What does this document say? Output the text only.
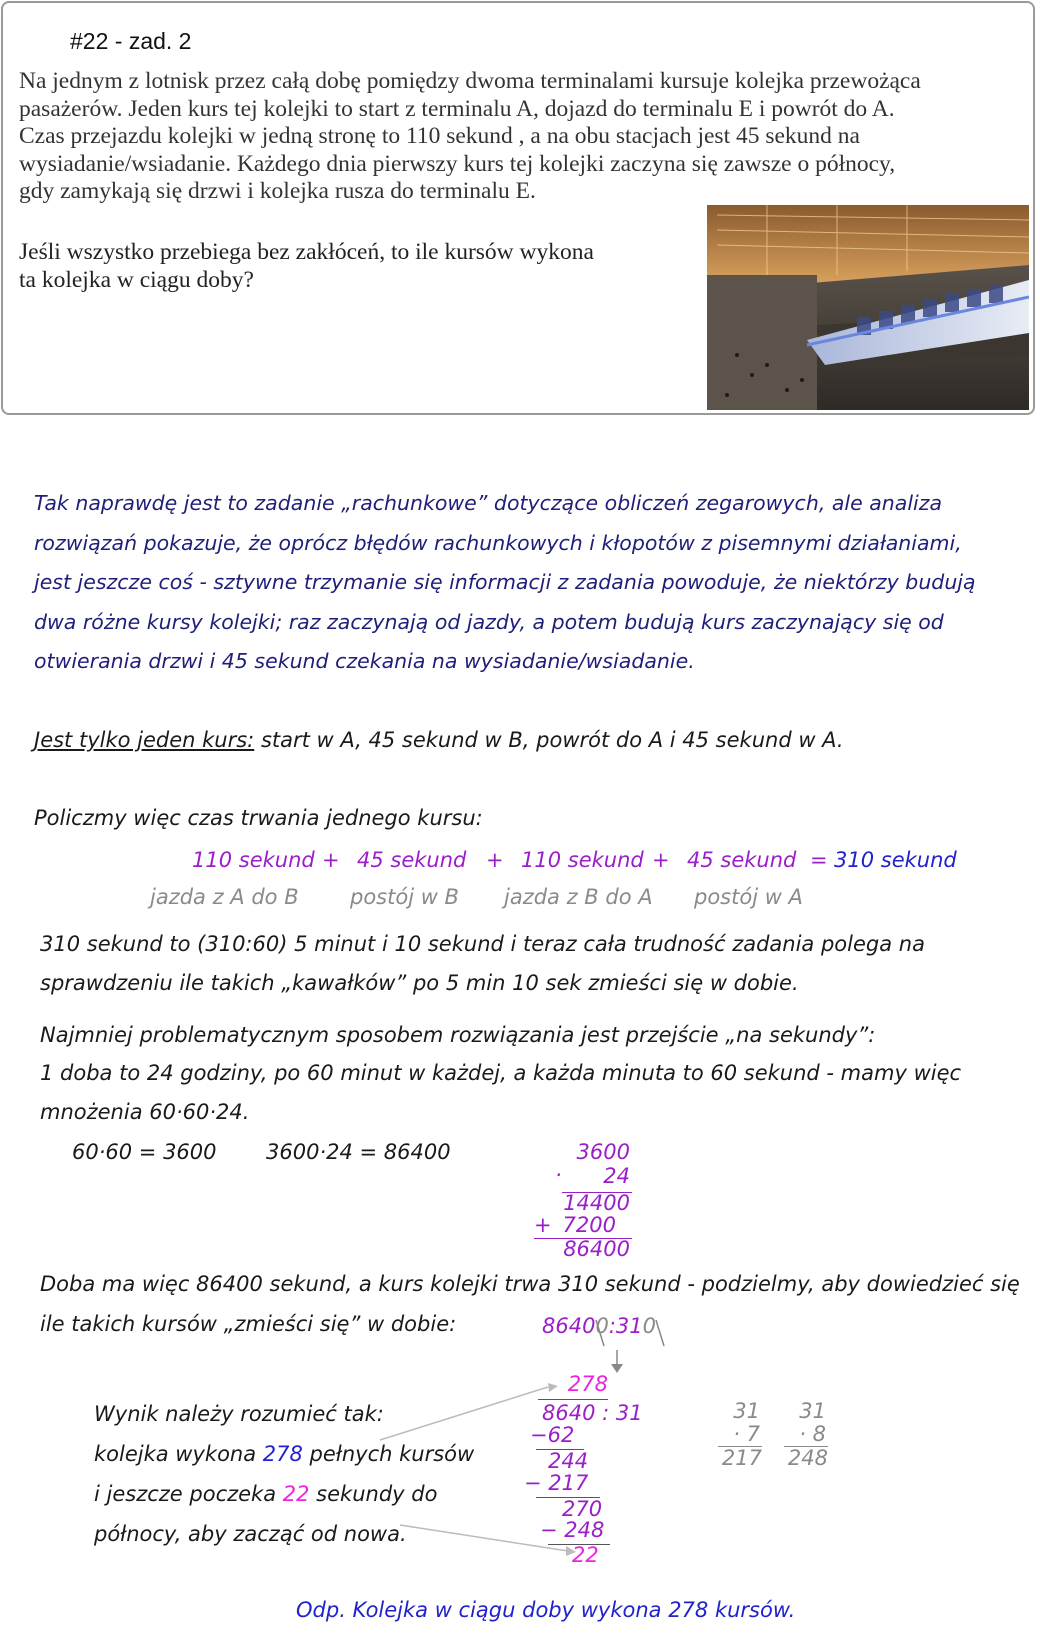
#22 - zad. 2
Na jednym z lotnisk przez całą dobę pomiędzy dwoma terminalami kursuje kolejka przewożąca
pasażerów. Jeden kurs tej kolejki to start z terminalu A, dojazd do terminalu E i powrót do A.
Czas przejazdu kolejki w jedną stronę to 110 sekund , a na obu stacjach jest 45 sekund na
wysiadanie/wsiadanie. Każdego dnia pierwszy kurs tej kolejki zaczyna się zawsze o północy,
gdy zamykają się drzwi i kolejka rusza do terminalu E.
Jeśli wszystko przebiega bez zakłóceń, to ile kursów wykona
ta kolejka w ciągu doby?
Tak naprawdę jest to zadanie „rachunkowe” dotyczące obliczeń zegarowych, ale analiza
rozwiązań pokazuje, że oprócz błędów rachunkowych i kłopotów z pisemnymi działaniami,
jest jeszcze coś - sztywne trzymanie się informacji z zadania powoduje, że niektórzy budują
dwa różne kursy kolejki; raz zaczynają od jazdy, a potem budują kurs zaczynający się od
otwierania drzwi i 45 sekund czekania na wysiadanie/wsiadanie.
Jest tylko jeden kurs: start w A, 45 sekund w B, powrót do A i 45 sekund w A.
Policzmy więc czas trwania jednego kursu:
110 sekund + 45 sekund + 110 sekund + 45 sekund = 310 sekund
jazda z A do B postój w B jazda z B do A postój w A
310 sekund to (310:60) 5 minut i 10 sekund i teraz cała trudność zadania polega na
sprawdzeniu ile takich „kawałków” po 5 min 10 sek zmieści się w dobie.
Najmniej problematycznym sposobem rozwiązania jest przejście „na sekundy”:
1 doba to 24 godziny, po 60 minut w każdej, a każda minuta to 60 sekund - mamy więc
mnożenia 60·60·24.
60·60 = 3600 3600·24 = 86400	3600
·	24
14400
+ 7200
86400
Doba ma więc 86400 sekund, a kurs kolejki trwa 310 sekund - podzielmy, aby dowiedzieć się
ile takich kursów „zmieści się” w dobie:	86400:310
278
8640 : 31
−62
244
− 217
270
− 248
22
31
· 7
217
31
· 8
248
Wynik należy rozumieć tak:
kolejka wykona 278 pełnych kursów
i jeszcze poczeka 22 sekundy do
północy, aby zacząć od nowa.
Odp. Kolejka w ciągu doby wykona 278 kursów.
